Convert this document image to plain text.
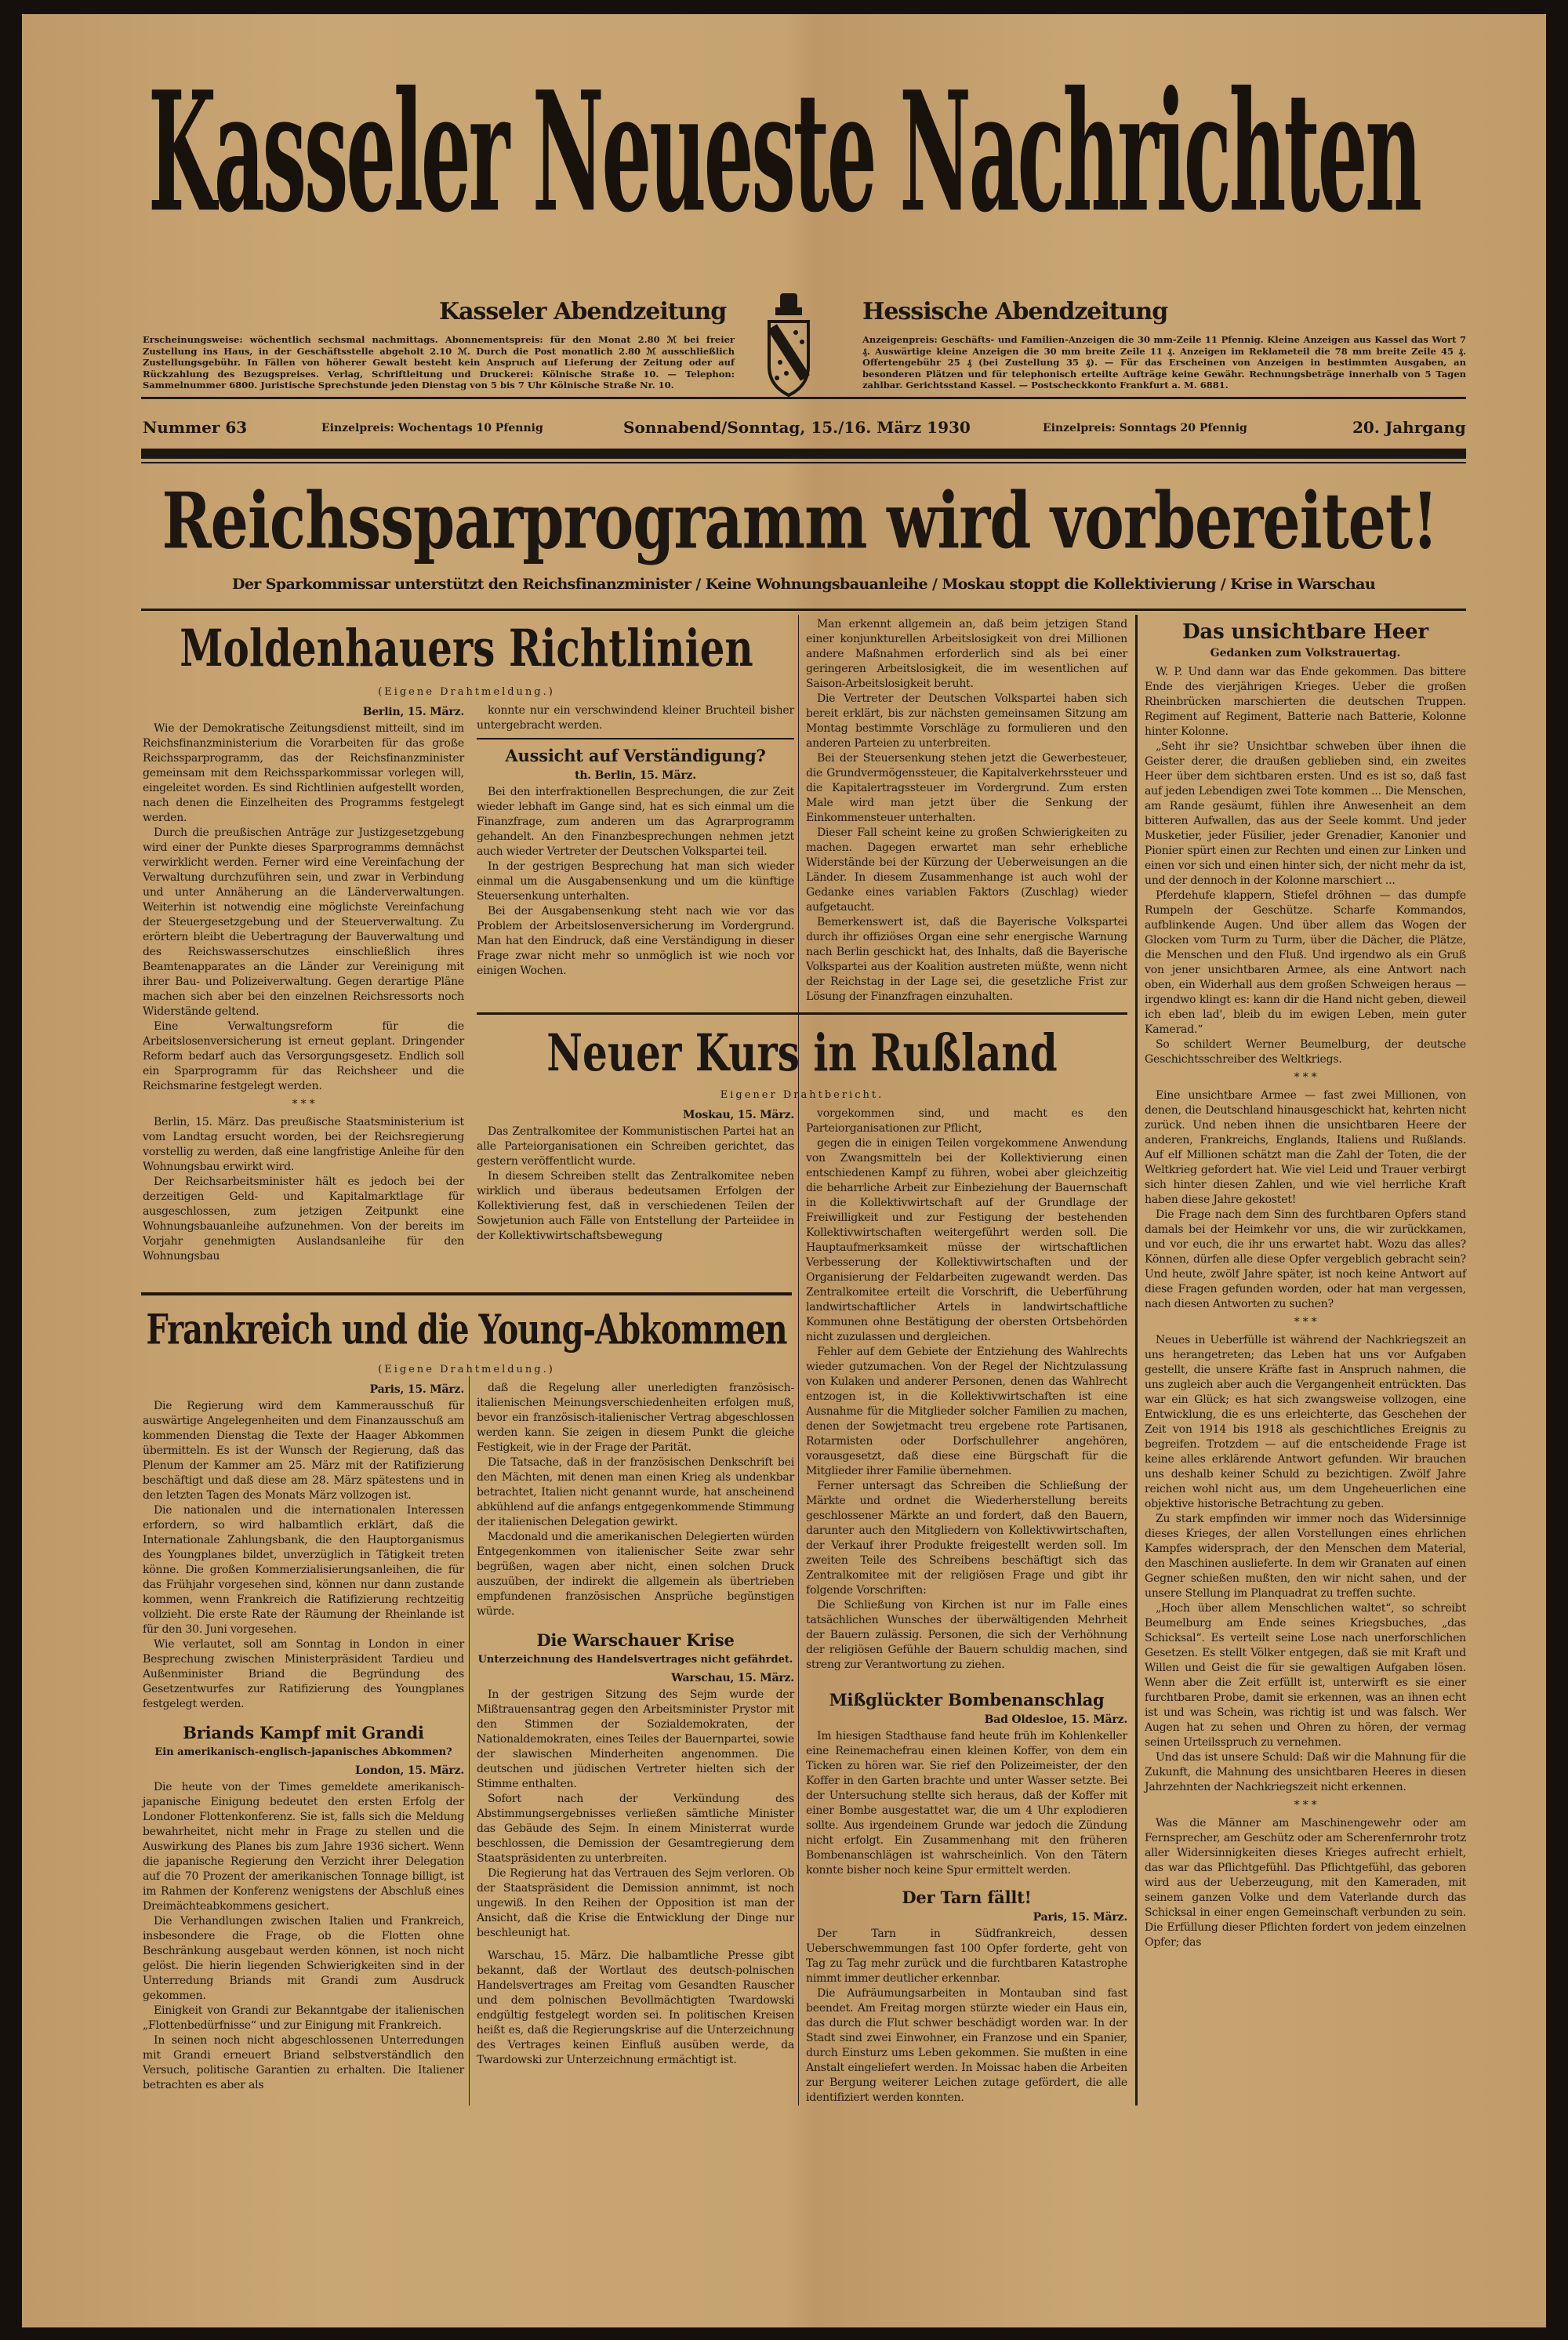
Kasseler Neueste Nachrichten
Kasseler Abendzeitung	Hessische Abendzeitung
Erscheinungsweise: wöchentlich sechsmal nachmittags. Abonnementspreis: für den Monat 2.80 ℳ bei freier Zustellung ins Haus, in der Geschäftsstelle abgeholt 2.10 ℳ. Durch die Post monatlich 2.80 ℳ ausschließlich Zustellungsgebühr. In Fällen von höherer Gewalt besteht kein Anspruch auf Lieferung der Zeitung oder auf Rückzahlung des Bezugspreises. Verlag, Schriftleitung und Druckerei: Kölnische Straße 10. — Telephon: Sammelnummer 6800. Juristische Sprechstunde jeden Dienstag von 5 bis 7 Uhr Kölnische Straße Nr. 10.
Anzeigenpreis: Geschäfts- und Familien-Anzeigen die 30 mm-Zeile 11 Pfennig. Kleine Anzeigen aus Kassel das Wort 7 ₰. Auswärtige kleine Anzeigen die 30 mm breite Zeile 11 ₰. Anzeigen im Reklameteil die 78 mm breite Zeile 45 ₰. Offertengebühr 25 ₰ (bei Zustellung 35 ₰). — Für das Erscheinen von Anzeigen in bestimmten Ausgaben, an besonderen Plätzen und für telephonisch erteilte Aufträge keine Gewähr. Rechnungsbeträge innerhalb von 5 Tagen zahlbar. Gerichtsstand Kassel. — Postscheckkonto Frankfurt a. M. 6881.
Nummer 63	Einzelpreis: Wochentags 10 Pfennig	Sonnabend/Sonntag, 15./16. März 1930	Einzelpreis: Sonntags 20 Pfennig	20. Jahrgang
Reichssparprogramm wird vorbereitet!
Der Sparkommissar unterstützt den Reichsfinanzminister / Keine Wohnungsbauanleihe / Moskau stoppt die Kollektivierung / Krise in Warschau
Moldenhauers Richtlinien
(Eigene Drahtmeldung.)
Berlin, 15. März.

Wie der Demokratische Zeitungsdienst mitteilt, sind im Reichsfinanzministerium die Vorarbeiten für das große Reichssparprogramm, das der Reichsfinanzminister gemeinsam mit dem Reichssparkommissar vorlegen will, eingeleitet worden. Es sind Richtlinien aufgestellt worden, nach denen die Einzelheiten des Programms festgelegt werden.

Durch die preußischen Anträge zur Justizgesetzgebung wird einer der Punkte dieses Sparprogramms demnächst verwirklicht werden. Ferner wird eine Vereinfachung der Verwaltung durchzuführen sein, und zwar in Verbindung und unter Annäherung an die Länderverwaltungen. Weiterhin ist notwendig eine möglichste Vereinfachung der Steuergesetzgebung und der Steuerverwaltung. Zu erörtern bleibt die Uebertragung der Bauverwaltung und des Reichswasserschutzes einschließlich ihres Beamtenapparates an die Länder zur Vereinigung mit ihrer Bau- und Polizeiverwaltung. Gegen derartige Pläne machen sich aber bei den einzelnen Reichsressorts noch Widerstände geltend.

Eine Verwaltungsreform für die Arbeitslosenversicherung ist erneut geplant. Dringender Reform bedarf auch das Versorgungsgesetz. Endlich soll ein Sparprogramm für das Reichsheer und die Reichsmarine festgelegt werden.

* * *

Berlin, 15. März. Das preußische Staatsministerium ist vom Landtag ersucht worden, bei der Reichsregierung vorstellig zu werden, daß eine langfristige Anleihe für den Wohnungsbau erwirkt wird.

Der Reichsarbeitsminister hält es jedoch bei der derzeitigen Geld- und Kapitalmarktlage für ausgeschlossen, zum jetzigen Zeitpunkt eine Wohnungsbauanleihe aufzunehmen. Von der bereits im Vorjahr genehmigten Auslandsanleihe für den Wohnungsbau

konnte nur ein verschwindend kleiner Bruchteil bisher untergebracht werden.

Aussicht auf Verständigung?
th. Berlin, 15. März.

Bei den interfraktionellen Besprechungen, die zur Zeit wieder lebhaft im Gange sind, hat es sich einmal um die Finanzfrage, zum anderen um das Agrarprogramm gehandelt. An den Finanzbesprechungen nehmen jetzt auch wieder Vertreter der Deutschen Volkspartei teil.

In der gestrigen Besprechung hat man sich wieder einmal um die Ausgabensenkung und um die künftige Steuersenkung unterhalten.

Bei der Ausgabensenkung steht nach wie vor das Problem der Arbeitslosenversicherung im Vordergrund. Man hat den Eindruck, daß eine Verständigung in dieser Frage zwar nicht mehr so unmöglich ist wie noch vor einigen Wochen.

Man erkennt allgemein an, daß beim jetzigen Stand einer konjunkturellen Arbeitslosigkeit von drei Millionen andere Maßnahmen erforderlich sind als bei einer geringeren Arbeitslosigkeit, die im wesentlichen auf Saison-Arbeitslosigkeit beruht.

Die Vertreter der Deutschen Volkspartei haben sich bereit erklärt, bis zur nächsten gemeinsamen Sitzung am Montag bestimmte Vorschläge zu formulieren und den anderen Parteien zu unterbreiten.

Bei der Steuersenkung stehen jetzt die Gewerbesteuer, die Grundvermögenssteuer, die Kapitalverkehrssteuer und die Kapitalertragssteuer im Vordergrund. Zum ersten Male wird man jetzt über die Senkung der Einkommensteuer unterhalten.

Dieser Fall scheint keine zu großen Schwierigkeiten zu machen. Dagegen erwartet man sehr erhebliche Widerstände bei der Kürzung der Ueberweisungen an die Länder. In diesem Zusammenhange ist auch wohl der Gedanke eines variablen Faktors (Zuschlag) wieder aufgetaucht.

Bemerkenswert ist, daß die Bayerische Volkspartei durch ihr offiziöses Organ eine sehr energische Warnung nach Berlin geschickt hat, des Inhalts, daß die Bayerische Volkspartei aus der Koalition austreten müßte, wenn nicht der Reichstag in der Lage sei, die gesetzliche Frist zur Lösung der Finanzfragen einzuhalten.

Neuer Kurs in Rußland
Eigener Drahtbericht.
Moskau, 15. März.

Das Zentralkomitee der Kommunistischen Partei hat an alle Parteiorganisationen ein Schreiben gerichtet, das gestern veröffentlicht wurde.

In diesem Schreiben stellt das Zentralkomitee neben wirklich und überaus bedeutsamen Erfolgen der Kollektivierung fest, daß in verschiedenen Teilen der Sowjetunion auch Fälle von Entstellung der Parteiidee in der Kollektivwirtschaftsbewegung

vorgekommen sind, und macht es den Parteiorganisationen zur Pflicht,

gegen die in einigen Teilen vorgekommene Anwendung von Zwangsmitteln bei der Kollektivierung einen entschiedenen Kampf zu führen, wobei aber gleichzeitig die beharrliche Arbeit zur Einbeziehung der Bauernschaft in die Kollektivwirtschaft auf der Grundlage der Freiwilligkeit und zur Festigung der bestehenden Kollektivwirtschaften weitergeführt werden soll. Die Hauptaufmerksamkeit müsse der wirtschaftlichen Verbesserung der Kollektivwirtschaften und der Organisierung der Feldarbeiten zugewandt werden. Das Zentralkomitee erteilt die Vorschrift, die Ueberführung landwirtschaftlicher Artels in landwirtschaftliche Kommunen ohne Bestätigung der obersten Ortsbehörden nicht zuzulassen und dergleichen.

Fehler auf dem Gebiete der Entziehung des Wahlrechts wieder gutzumachen. Von der Regel der Nichtzulassung von Kulaken und anderer Personen, denen das Wahlrecht entzogen ist, in die Kollektivwirtschaften ist eine Ausnahme für die Mitglieder solcher Familien zu machen, denen der Sowjetmacht treu ergebene rote Partisanen, Rotarmisten oder Dorfschullehrer angehören, vorausgesetzt, daß diese eine Bürgschaft für die Mitglieder ihrer Familie übernehmen.

Ferner untersagt das Schreiben die Schließung der Märkte und ordnet die Wiederherstellung bereits geschlossener Märkte an und fordert, daß den Bauern, darunter auch den Mitgliedern von Kollektivwirtschaften, der Verkauf ihrer Produkte freigestellt werden soll. Im zweiten Teile des Schreibens beschäftigt sich das Zentralkomitee mit der religiösen Frage und gibt ihr folgende Vorschriften:

Die Schließung von Kirchen ist nur im Falle eines tatsächlichen Wunsches der überwältigenden Mehrheit der Bauern zulässig. Personen, die sich der Verhöhnung der religiösen Gefühle der Bauern schuldig machen, sind streng zur Verantwortung zu ziehen.

Frankreich und die Young-Abkommen
(Eigene Drahtmeldung.)
Paris, 15. März.

Die Regierung wird dem Kammerausschuß für auswärtige Angelegenheiten und dem Finanzausschuß am kommenden Dienstag die Texte der Haager Abkommen übermitteln. Es ist der Wunsch der Regierung, daß das Plenum der Kammer am 25. März mit der Ratifizierung beschäftigt und daß diese am 28. März spätestens und in den letzten Tagen des Monats März vollzogen ist.

Die nationalen und die internationalen Interessen erfordern, so wird halbamtlich erklärt, daß die Internationale Zahlungsbank, die den Hauptorganismus des Youngplanes bildet, unverzüglich in Tätigkeit treten könne. Die großen Kommerzialisierungsanleihen, die für das Frühjahr vorgesehen sind, können nur dann zustande kommen, wenn Frankreich die Ratifizierung rechtzeitig vollzieht. Die erste Rate der Räumung der Rheinlande ist für den 30. Juni vorgesehen.

Wie verlautet, soll am Sonntag in London in einer Besprechung zwischen Ministerpräsident Tardieu und Außenminister Briand die Begründung des Gesetzentwurfes zur Ratifizierung des Youngplanes festgelegt werden.

Briands Kampf mit Grandi
Ein amerikanisch-englisch-japanisches Abkommen?
London, 15. März.

Die heute von der Times gemeldete amerikanisch-japanische Einigung bedeutet den ersten Erfolg der Londoner Flottenkonferenz. Sie ist, falls sich die Meldung bewahrheitet, nicht mehr in Frage zu stellen und die Auswirkung des Planes bis zum Jahre 1936 sichert. Wenn die japanische Regierung den Verzicht ihrer Delegation auf die 70 Prozent der amerikanischen Tonnage billigt, ist im Rahmen der Konferenz wenigstens der Abschluß eines Dreimächteabkommens gesichert.

Die Verhandlungen zwischen Italien und Frankreich, insbesondere die Frage, ob die Flotten ohne Beschränkung ausgebaut werden können, ist noch nicht gelöst. Die hierin liegenden Schwierigkeiten sind in der Unterredung Briands mit Grandi zum Ausdruck gekommen.

Einigkeit von Grandi zur Bekanntgabe der italienischen „Flottenbedürfnisse“ und zur Einigung mit Frankreich.

In seinen noch nicht abgeschlossenen Unterredungen mit Grandi erneuert Briand selbstverständlich den Versuch, politische Garantien zu erhalten. Die Italiener betrachten es aber als

daß die Regelung aller unerledigten französisch-italienischen Meinungsverschiedenheiten erfolgen muß, bevor ein französisch-italienischer Vertrag abgeschlossen werden kann. Sie zeigen in diesem Punkt die gleiche Festigkeit, wie in der Frage der Parität.

Die Tatsache, daß in der französischen Denkschrift bei den Mächten, mit denen man einen Krieg als undenkbar betrachtet, Italien nicht genannt wurde, hat anscheinend abkühlend auf die anfangs entgegenkommende Stimmung der italienischen Delegation gewirkt.

Macdonald und die amerikanischen Delegierten würden Entgegenkommen von italienischer Seite zwar sehr begrüßen, wagen aber nicht, einen solchen Druck auszuüben, der indirekt die allgemein als übertrieben empfundenen französischen Ansprüche begünstigen würde.

Die Warschauer Krise
Unterzeichnung des Handelsvertrages nicht gefährdet.
Warschau, 15. März.

In der gestrigen Sitzung des Sejm wurde der Mißtrauensantrag gegen den Arbeitsminister Prystor mit den Stimmen der Sozialdemokraten, der Nationaldemokraten, eines Teiles der Bauernpartei, sowie der slawischen Minderheiten angenommen. Die deutschen und jüdischen Vertreter hielten sich der Stimme enthalten.

Sofort nach der Verkündung des Abstimmungsergebnisses verließen sämtliche Minister das Gebäude des Sejm. In einem Ministerrat wurde beschlossen, die Demission der Gesamtregierung dem Staatspräsidenten zu unterbreiten.

Die Regierung hat das Vertrauen des Sejm verloren. Ob der Staatspräsident die Demission annimmt, ist noch ungewiß. In den Reihen der Opposition ist man der Ansicht, daß die Krise die Entwicklung der Dinge nur beschleunigt hat.

Warschau, 15. März. Die halbamtliche Presse gibt bekannt, daß der Wortlaut des deutsch-polnischen Handelsvertrages am Freitag vom Gesandten Rauscher und dem polnischen Bevollmächtigten Twardowski endgültig festgelegt worden sei. In politischen Kreisen heißt es, daß die Regierungskrise auf die Unterzeichnung des Vertrages keinen Einfluß ausüben werde, da Twardowski zur Unterzeichnung ermächtigt ist.

Mißglückter Bombenanschlag
Bad Oldesloe, 15. März.

Im hiesigen Stadthause fand heute früh im Kohlenkeller eine Reinemachefrau einen kleinen Koffer, von dem ein Ticken zu hören war. Sie rief den Polizeimeister, der den Koffer in den Garten brachte und unter Wasser setzte. Bei der Untersuchung stellte sich heraus, daß der Koffer mit einer Bombe ausgestattet war, die um 4 Uhr explodieren sollte. Aus irgendeinem Grunde war jedoch die Zündung nicht erfolgt. Ein Zusammenhang mit den früheren Bombenanschlägen ist wahrscheinlich. Von den Tätern konnte bisher noch keine Spur ermittelt werden.

Der Tarn fällt!
Paris, 15. März.

Der Tarn in Südfrankreich, dessen Ueberschwemmungen fast 100 Opfer forderte, geht von Tag zu Tag mehr zurück und die furchtbaren Katastrophe nimmt immer deutlicher erkennbar.

Die Aufräumungsarbeiten in Montauban sind fast beendet. Am Freitag morgen stürzte wieder ein Haus ein, das durch die Flut schwer beschädigt worden war. In der Stadt sind zwei Einwohner, ein Franzose und ein Spanier, durch Einsturz ums Leben gekommen. Sie mußten in eine Anstalt eingeliefert werden. In Moissac haben die Arbeiten zur Bergung weiterer Leichen zutage gefördert, die alle identifiziert werden konnten.

Das unsichtbare Heer
Gedanken zum Volkstrauertag.

W. P. Und dann war das Ende gekommen. Das bittere Ende des vierjährigen Krieges. Ueber die großen Rheinbrücken marschierten die deutschen Truppen. Regiment auf Regiment, Batterie nach Batterie, Kolonne hinter Kolonne.

„Seht ihr sie? Unsichtbar schweben über ihnen die Geister derer, die draußen geblieben sind, ein zweites Heer über dem sichtbaren ersten. Und es ist so, daß fast auf jeden Lebendigen zwei Tote kommen ... Die Menschen, am Rande gesäumt, fühlen ihre Anwesenheit an dem bitteren Aufwallen, das aus der Seele kommt. Und jeder Musketier, jeder Füsilier, jeder Grenadier, Kanonier und Pionier spürt einen zur Rechten und einen zur Linken und einen vor sich und einen hinter sich, der nicht mehr da ist, und der dennoch in der Kolonne marschiert ...

Pferdehufe klappern, Stiefel dröhnen — das dumpfe Rumpeln der Geschütze. Scharfe Kommandos, aufblinkende Augen. Und über allem das Wogen der Glocken vom Turm zu Turm, über die Dächer, die Plätze, die Menschen und den Fluß. Und irgendwo als ein Gruß von jener unsichtbaren Armee, als eine Antwort nach oben, ein Widerhall aus dem großen Schweigen heraus — irgendwo klingt es: kann dir die Hand nicht geben, dieweil ich eben lad', bleib du im ewigen Leben, mein guter Kamerad.“

So schildert Werner Beumelburg, der deutsche Geschichtsschreiber des Weltkriegs.

* * *

Eine unsichtbare Armee — fast zwei Millionen, von denen, die Deutschland hinausgeschickt hat, kehrten nicht zurück. Und neben ihnen die unsichtbaren Heere der anderen, Frankreichs, Englands, Italiens und Rußlands. Auf elf Millionen schätzt man die Zahl der Toten, die der Weltkrieg gefordert hat. Wie viel Leid und Trauer verbirgt sich hinter diesen Zahlen, und wie viel herrliche Kraft haben diese Jahre gekostet!

Die Frage nach dem Sinn des furchtbaren Opfers stand damals bei der Heimkehr vor uns, die wir zurückkamen, und vor euch, die ihr uns erwartet habt. Wozu das alles? Können, dürfen alle diese Opfer vergeblich gebracht sein? Und heute, zwölf Jahre später, ist noch keine Antwort auf diese Fragen gefunden worden, oder hat man vergessen, nach diesen Antworten zu suchen?

* * *

Neues in Ueberfülle ist während der Nachkriegszeit an uns herangetreten; das Leben hat uns vor Aufgaben gestellt, die unsere Kräfte fast in Anspruch nahmen, die uns zugleich aber auch die Vergangenheit entrückten. Das war ein Glück; es hat sich zwangsweise vollzogen, eine Entwicklung, die es uns erleichterte, das Geschehen der Zeit von 1914 bis 1918 als geschichtliches Ereignis zu begreifen. Trotzdem — auf die entscheidende Frage ist keine alles erklärende Antwort gefunden. Wir brauchen uns deshalb keiner Schuld zu bezichtigen. Zwölf Jahre reichen wohl nicht aus, um dem Ungeheuerlichen eine objektive historische Betrachtung zu geben.

Zu stark empfinden wir immer noch das Widersinnige dieses Krieges, der allen Vorstellungen eines ehrlichen Kampfes widersprach, der den Menschen dem Material, den Maschinen auslieferte. In dem wir Granaten auf einen Gegner schießen mußten, den wir nicht sahen, und der unsere Stellung im Planquadrat zu treffen suchte.

„Hoch über allem Menschlichen waltet“, so schreibt Beumelburg am Ende seines Kriegsbuches, „das Schicksal“. Es verteilt seine Lose nach unerforschlichen Gesetzen. Es stellt Völker entgegen, daß sie mit Kraft und Willen und Geist die für sie gewaltigen Aufgaben lösen. Wenn aber die Zeit erfüllt ist, unterwirft es sie einer furchtbaren Probe, damit sie erkennen, was an ihnen echt ist und was Schein, was richtig ist und was falsch. Wer Augen hat zu sehen und Ohren zu hören, der vermag seinen Urteilsspruch zu vernehmen.

Und das ist unsere Schuld: Daß wir die Mahnung für die Zukunft, die Mahnung des unsichtbaren Heeres in diesen Jahrzehnten der Nachkriegszeit nicht erkennen.

* * *

Was die Männer am Maschinengewehr oder am Fernsprecher, am Geschütz oder am Scherenfernrohr trotz aller Widersinnigkeiten dieses Krieges aufrecht erhielt, das war das Pflichtgefühl. Das Pflichtgefühl, das geboren wird aus der Ueberzeugung, mit den Kameraden, mit seinem ganzen Volke und dem Vaterlande durch das Schicksal in einer engen Gemeinschaft verbunden zu sein. Die Erfüllung dieser Pflichten fordert von jedem einzelnen Opfer; das
